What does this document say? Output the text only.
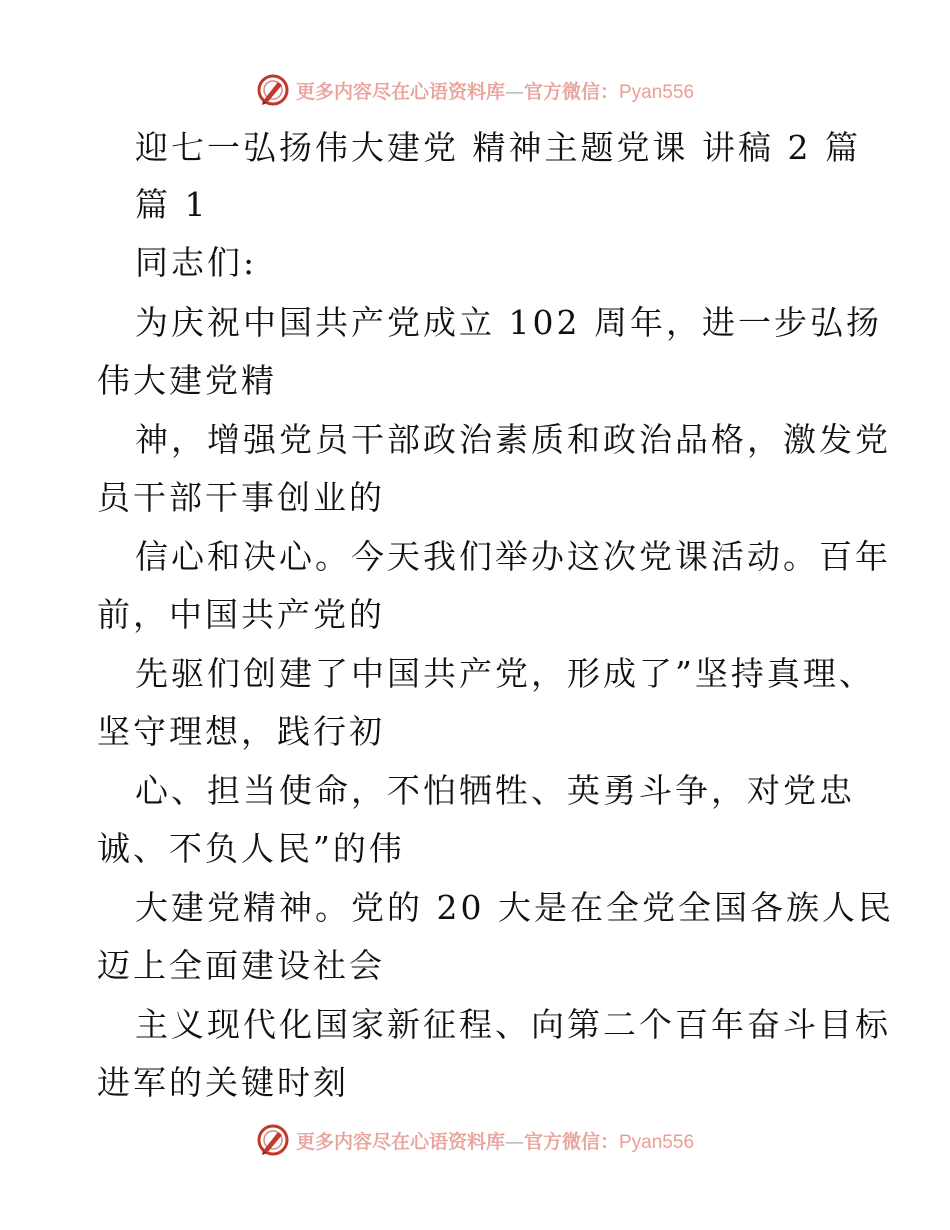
更多内容尽在心语资料库—官方微信：Pyan556
迎七一弘扬伟大建党 精神主题党课 讲稿 2 篇
篇 1
同志们:
为庆祝中国共产党成立 102 周年，进一步弘扬
伟大建党精
神，增强党员干部政治素质和政治品格，激发党
员干部干事创业的
信心和决心。今天我们举办这次党课活动。百年
前，中国共产党的
先驱们创建了中国共产党，形成了”坚持真理、
坚守理想，践行初
心、担当使命，不怕牺牲、英勇斗争，对党忠
诚、不负人民”的伟
大建党精神。党的 20 大是在全党全国各族人民
迈上全面建设社会
主义现代化国家新征程、向第二个百年奋斗目标
进军的关键时刻
更多内容尽在心语资料库—官方微信：Pyan556
